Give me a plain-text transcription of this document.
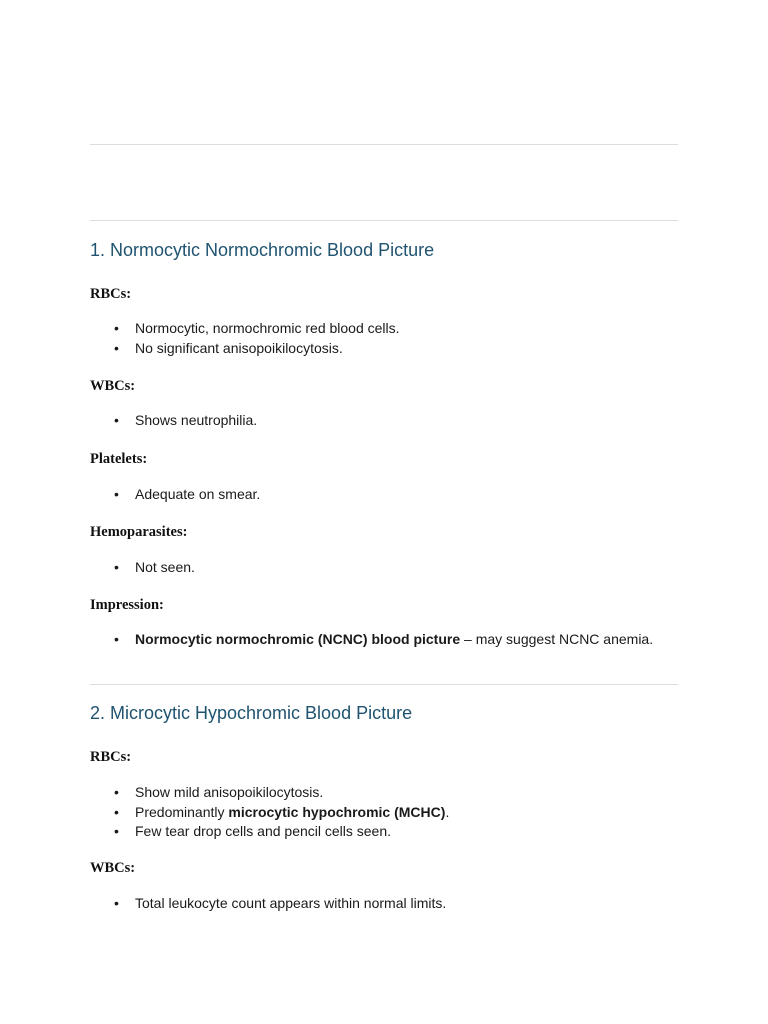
1. Normocytic Normochromic Blood Picture

RBCs:

• Normocytic, normochromic red blood cells.
• No significant anisopoikilocytosis.

WBCs:

• Shows neutrophilia.

Platelets:

• Adequate on smear.

Hemoparasites:

• Not seen.

Impression:

• Normocytic normochromic (NCNC) blood picture – may suggest NCNC anemia.
2. Microcytic Hypochromic Blood Picture

RBCs:

• Show mild anisopoikilocytosis.
• Predominantly microcytic hypochromic (MCHC).
• Few tear drop cells and pencil cells seen.

WBCs:

• Total leukocyte count appears within normal limits.
